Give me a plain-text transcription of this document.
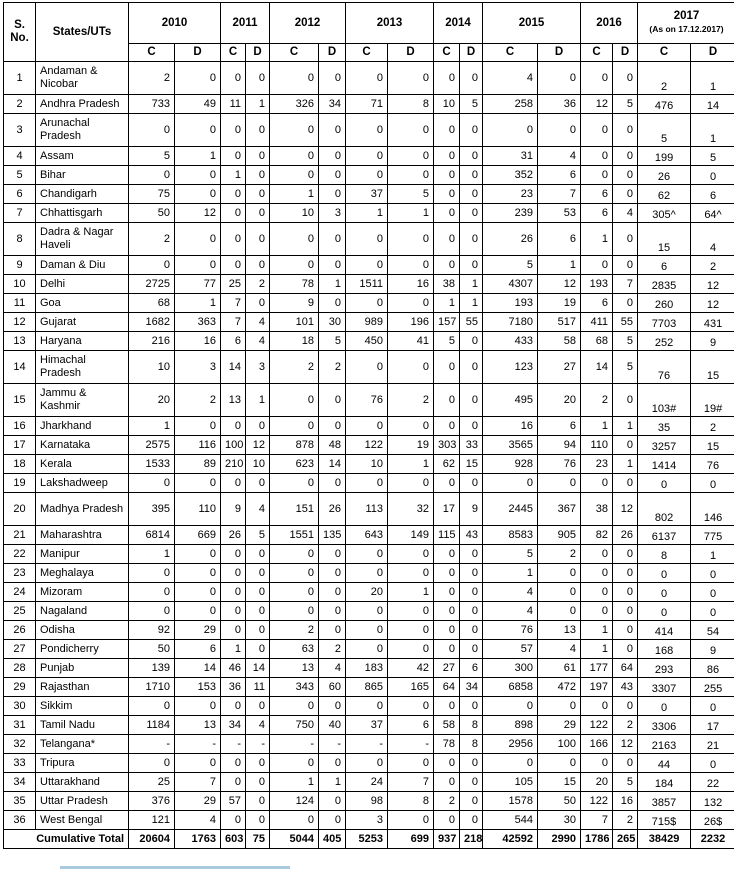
S. No.	States/UTs	2010		2011		2012		2013		2014		2015		2016		2017
(As on 17.12.2017)	

		C	D	C	D	C	D	C	D	C	D	C	D	C	D	C	D
1	Andaman & Nicobar	2	0	0	0	0	0	0	0	0	0	4	0	0	0	2	1
2	Andhra Pradesh	733	49	11	1	326	34	71	8	10	5	258	36	12	5	476	14
3	Arunachal Pradesh	0	0	0	0	0	0	0	0	0	0	0	0	0	0	5	1
4	Assam	5	1	0	0	0	0	0	0	0	0	31	4	0	0	199	5
5	Bihar	0	0	1	0	0	0	0	0	0	0	352	6	0	0	26	0
6	Chandigarh	75	0	0	0	1	0	37	5	0	0	23	7	6	0	62	6
7	Chhattisgarh	50	12	0	0	10	3	1	1	0	0	239	53	6	4	305^	64^
8	Dadra & Nagar Haveli	2	0	0	0	0	0	0	0	0	0	26	6	1	0	15	4
9	Daman & Diu	0	0	0	0	0	0	0	0	0	0	5	1	0	0	6	2
10	Delhi	2725	77	25	2	78	1	1511	16	38	1	4307	12	193	7	2835	12
11	Goa	68	1	7	0	9	0	0	0	1	1	193	19	6	0	260	12
12	Gujarat	1682	363	7	4	101	30	989	196	157	55	7180	517	411	55	7703	431
13	Haryana	216	16	6	4	18	5	450	41	5	0	433	58	68	5	252	9
14	Himachal Pradesh	10	3	14	3	2	2	0	0	0	0	123	27	14	5	76	15
15	Jammu & Kashmir	20	2	13	1	0	0	76	2	0	0	495	20	2	0	103#	19#
16	Jharkhand	1	0	0	0	0	0	0	0	0	0	16	6	1	1	35	2
17	Karnataka	2575	116	100	12	878	48	122	19	303	33	3565	94	110	0	3257	15
18	Kerala	1533	89	210	10	623	14	10	1	62	15	928	76	23	1	1414	76
19	Lakshadweep	0	0	0	0	0	0	0	0	0	0	0	0	0	0	0	0
20	Madhya Pradesh	395	110	9	4	151	26	113	32	17	9	2445	367	38	12	802	146
21	Maharashtra	6814	669	26	5	1551	135	643	149	115	43	8583	905	82	26	6137	775
22	Manipur	1	0	0	0	0	0	0	0	0	0	5	2	0	0	8	1
23	Meghalaya	0	0	0	0	0	0	0	0	0	0	1	0	0	0	0	0
24	Mizoram	0	0	0	0	0	0	20	1	0	0	4	0	0	0	0	0
25	Nagaland	0	0	0	0	0	0	0	0	0	0	4	0	0	0	0	0
26	Odisha	92	29	0	0	2	0	0	0	0	0	76	13	1	0	414	54
27	Pondicherry	50	6	1	0	63	2	0	0	0	0	57	4	1	0	168	9
28	Punjab	139	14	46	14	13	4	183	42	27	6	300	61	177	64	293	86
29	Rajasthan	1710	153	36	11	343	60	865	165	64	34	6858	472	197	43	3307	255
30	Sikkim	0	0	0	0	0	0	0	0	0	0	0	0	0	0	0	0
31	Tamil Nadu	1184	13	34	4	750	40	37	6	58	8	898	29	122	2	3306	17
32	Telangana*	-	-	-	-	-	-	-	-	78	8	2956	100	166	12	2163	21
33	Tripura	0	0	0	0	0	0	0	0	0	0	0	0	0	0	44	0
34	Uttarakhand	25	7	0	0	1	1	24	7	0	0	105	15	20	5	184	22
35	Uttar Pradesh	376	29	57	0	124	0	98	8	2	0	1578	50	122	16	3857	132
36	West Bengal	121	4	0	0	0	0	3	0	0	0	544	30	7	2	715$	26$
Cumulative Total		20604	1763	603	75	5044	405	5253	699	937	218	42592	2990	1786	265	38429	2232
